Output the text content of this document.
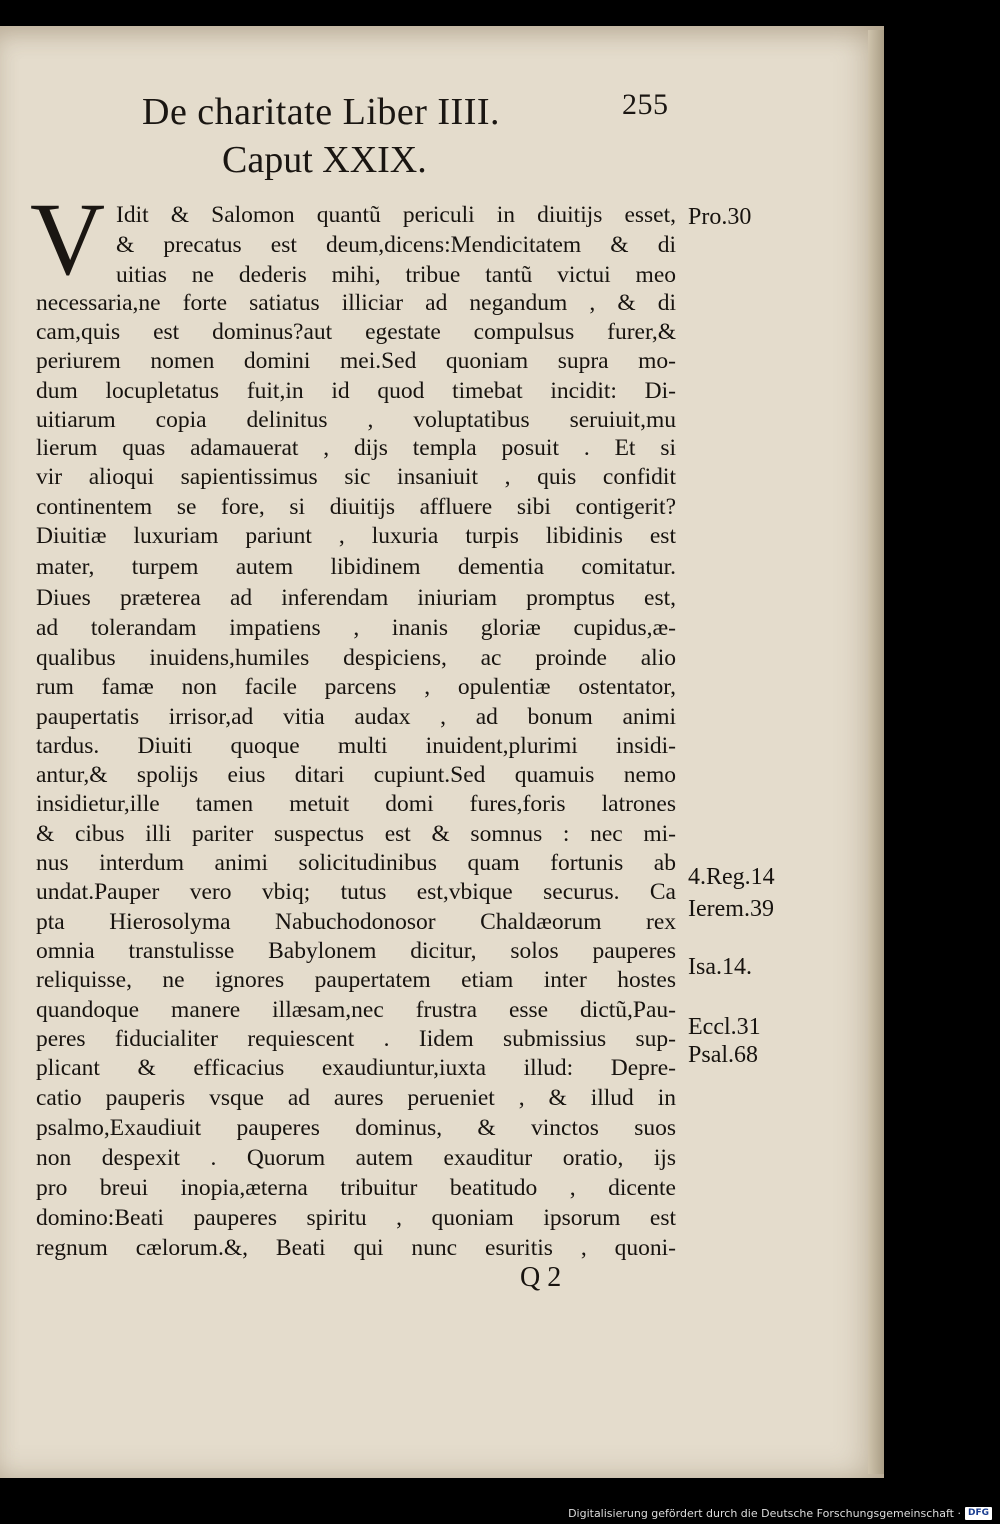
De charitate Liber IIII.	255
Caput XXIX.
V Idit & Salomon quantũ periculi in diuitĳs esset,
& precatus est deum,dicens:Mendicitatem & di
uitias ne dederis mihi, tribue tantũ victui meo
necessaria,ne forte satiatus illiciar ad negandum , & di
cam,quis est dominus?aut egestate compulsus furer,&
periurem nomen domini mei.Sed quoniam supra mo-
dum locupletatus fuit,in id quod timebat incidit: Di-
uitiarum copia delinitus , voluptatibus seruiuit,mu
lierum quas adamauerat , dĳs templa posuit . Et si
vir alioqui sapientissimus sic insaniuit , quis confidit
continentem se fore, si diuitĳs affluere sibi contigerit?
Diuitiæ luxuriam pariunt , luxuria turpis libidinis est
mater, turpem autem libidinem dementia comitatur.
Diues præterea ad inferendam iniuriam promptus est,
ad tolerandam impatiens , inanis gloriæ cupidus,æ-
qualibus inuidens,humiles despiciens, ac proinde alio
rum famæ non facile parcens , opulentiæ ostentator,
paupertatis irrisor,ad vitia audax , ad bonum animi
tardus. Diuiti quoque multi inuident,plurimi insidi-
antur,& spolĳs eius ditari cupiunt.Sed quamuis nemo
insidietur,ille tamen metuit domi fures,foris latrones
& cibus illi pariter suspectus est & somnus : nec mi-
nus interdum animi solicitudinibus quam fortunis ab
undat.Pauper vero vbiq; tutus est,vbique securus. Ca
pta Hierosolyma Nabuchodonosor Chaldæorum rex
omnia transtulisse Babylonem dicitur, solos pauperes
reliquisse, ne ignores paupertatem etiam inter hostes
quandoque manere illæsam,nec frustra esse dictũ,Pau-
peres fiducialiter requiescent . Iidem submissius sup-
plicant & efficacius exaudiuntur,iuxta illud: Depre-
catio pauperis vsque ad aures perueniet , & illud in
psalmo,Exaudiuit pauperes dominus, & vinctos suos
non despexit . Quorum autem exauditur oratio, ĳs
pro breui inopia,æterna tribuitur beatitudo , dicente
domino:Beati pauperes spiritu , quoniam ipsorum est
regnum cælorum.&, Beati qui nunc esuritis , quoni-
Pro.30
4.Reg.14
Ierem.39
Isa.14.
Eccl.31
Psal.68
Q 2
Digitalisierung gefördert durch die Deutsche Forschungsgemeinschaft · DFG
